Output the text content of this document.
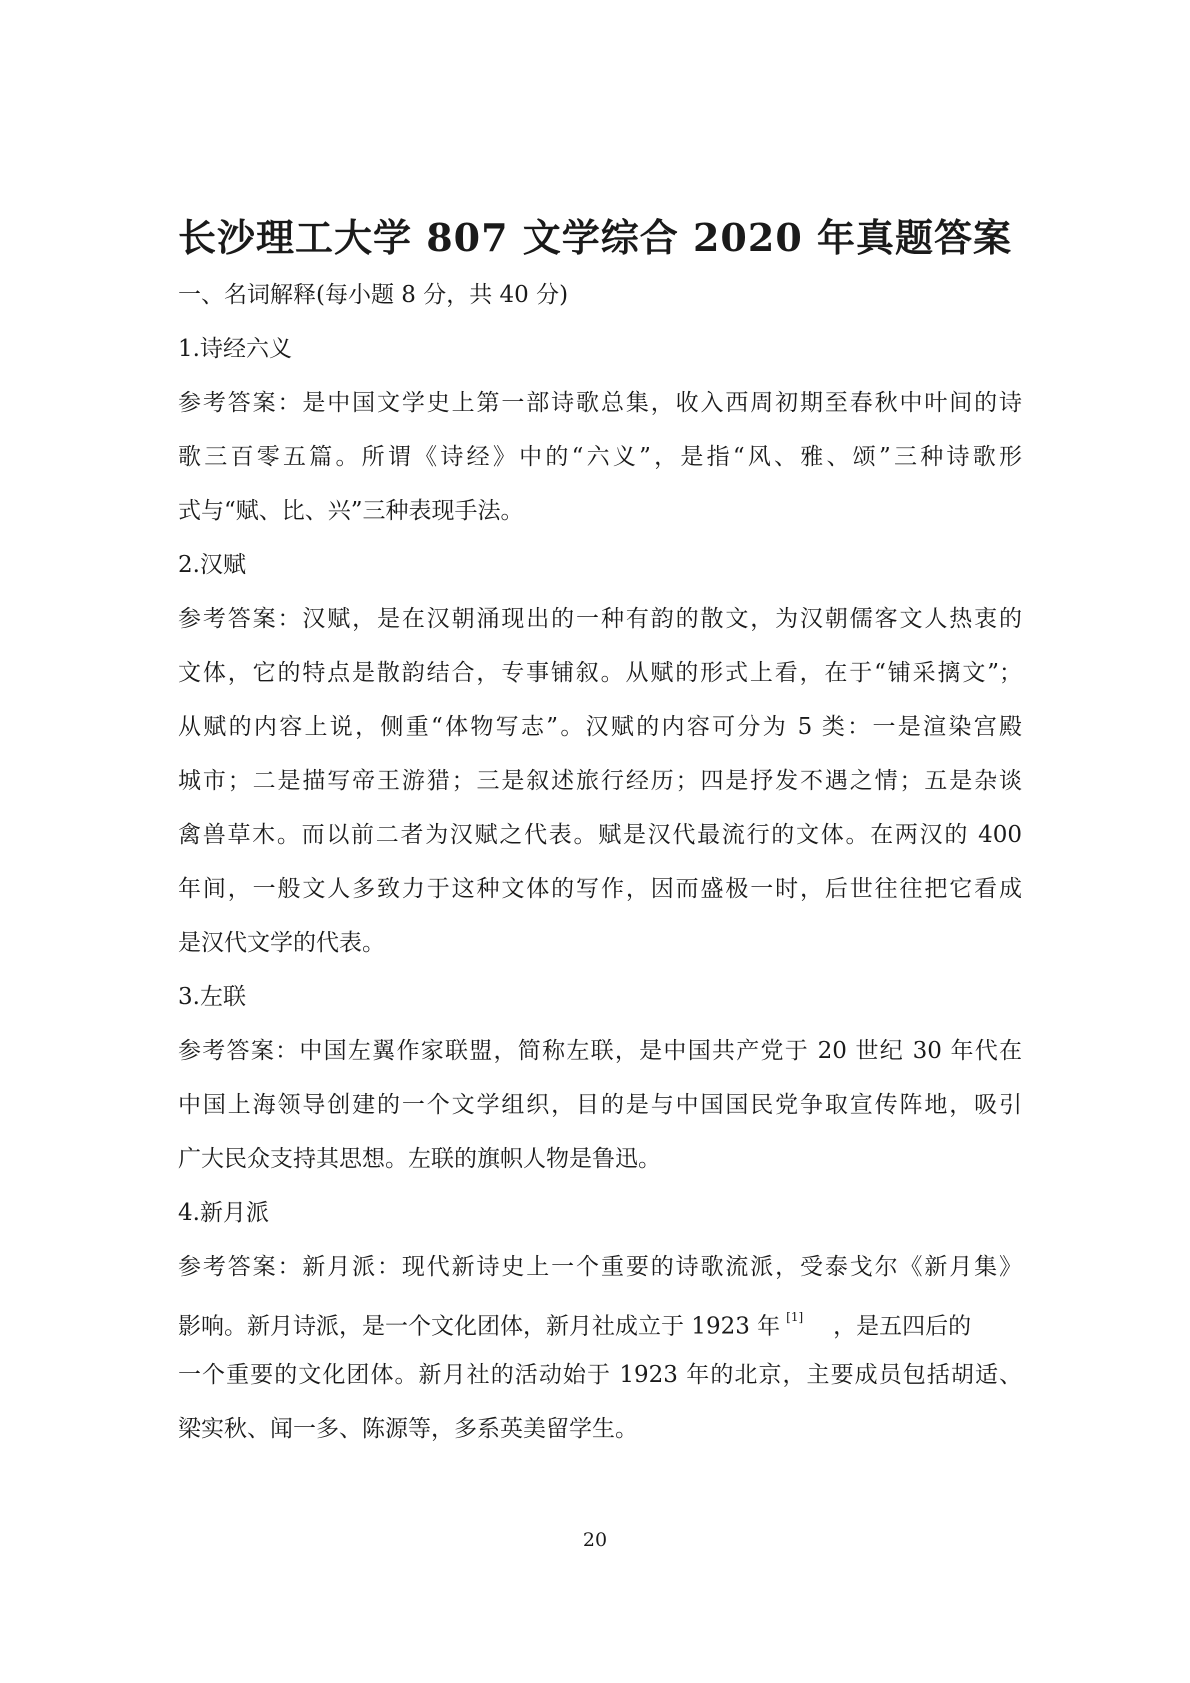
长沙理工大学 807 文学综合 2020 年真题答案
一、名词解释(每小题 8 分，共 40 分)
1.诗经六义
参考答案：是中国文学史上第一部诗歌总集，收入西周初期至春秋中叶间的诗
歌三百零五篇。所谓《诗经》中的“六义”，是指“风、雅、颂”三种诗歌形
式与“赋、比、兴”三种表现手法。
2.汉赋
参考答案：汉赋，是在汉朝涌现出的一种有韵的散文，为汉朝儒客文人热衷的
文体，它的特点是散韵结合，专事铺叙。从赋的形式上看，在于“铺采摛文”；
从赋的内容上说，侧重“体物写志”。汉赋的内容可分为 5 类：一是渲染宫殿
城市；二是描写帝王游猎；三是叙述旅行经历；四是抒发不遇之情；五是杂谈
禽兽草木。而以前二者为汉赋之代表。赋是汉代最流行的文体。在两汉的 400
年间，一般文人多致力于这种文体的写作，因而盛极一时，后世往往把它看成
是汉代文学的代表。
3.左联
参考答案：中国左翼作家联盟，简称左联，是中国共产党于 20 世纪 30 年代在
中国上海领导创建的一个文学组织，目的是与中国国民党争取宣传阵地，吸引
广大民众支持其思想。左联的旗帜人物是鲁迅。
4.新月派
参考答案：新月派：现代新诗史上一个重要的诗歌流派，受泰戈尔《新月集》
影响。新月诗派，是一个文化团体，新月社成立于 1923 年 [1] ，是五四后的
一个重要的文化团体。新月社的活动始于 1923 年的北京，主要成员包括胡适、
梁实秋、闻一多、陈源等，多系英美留学生。
20
